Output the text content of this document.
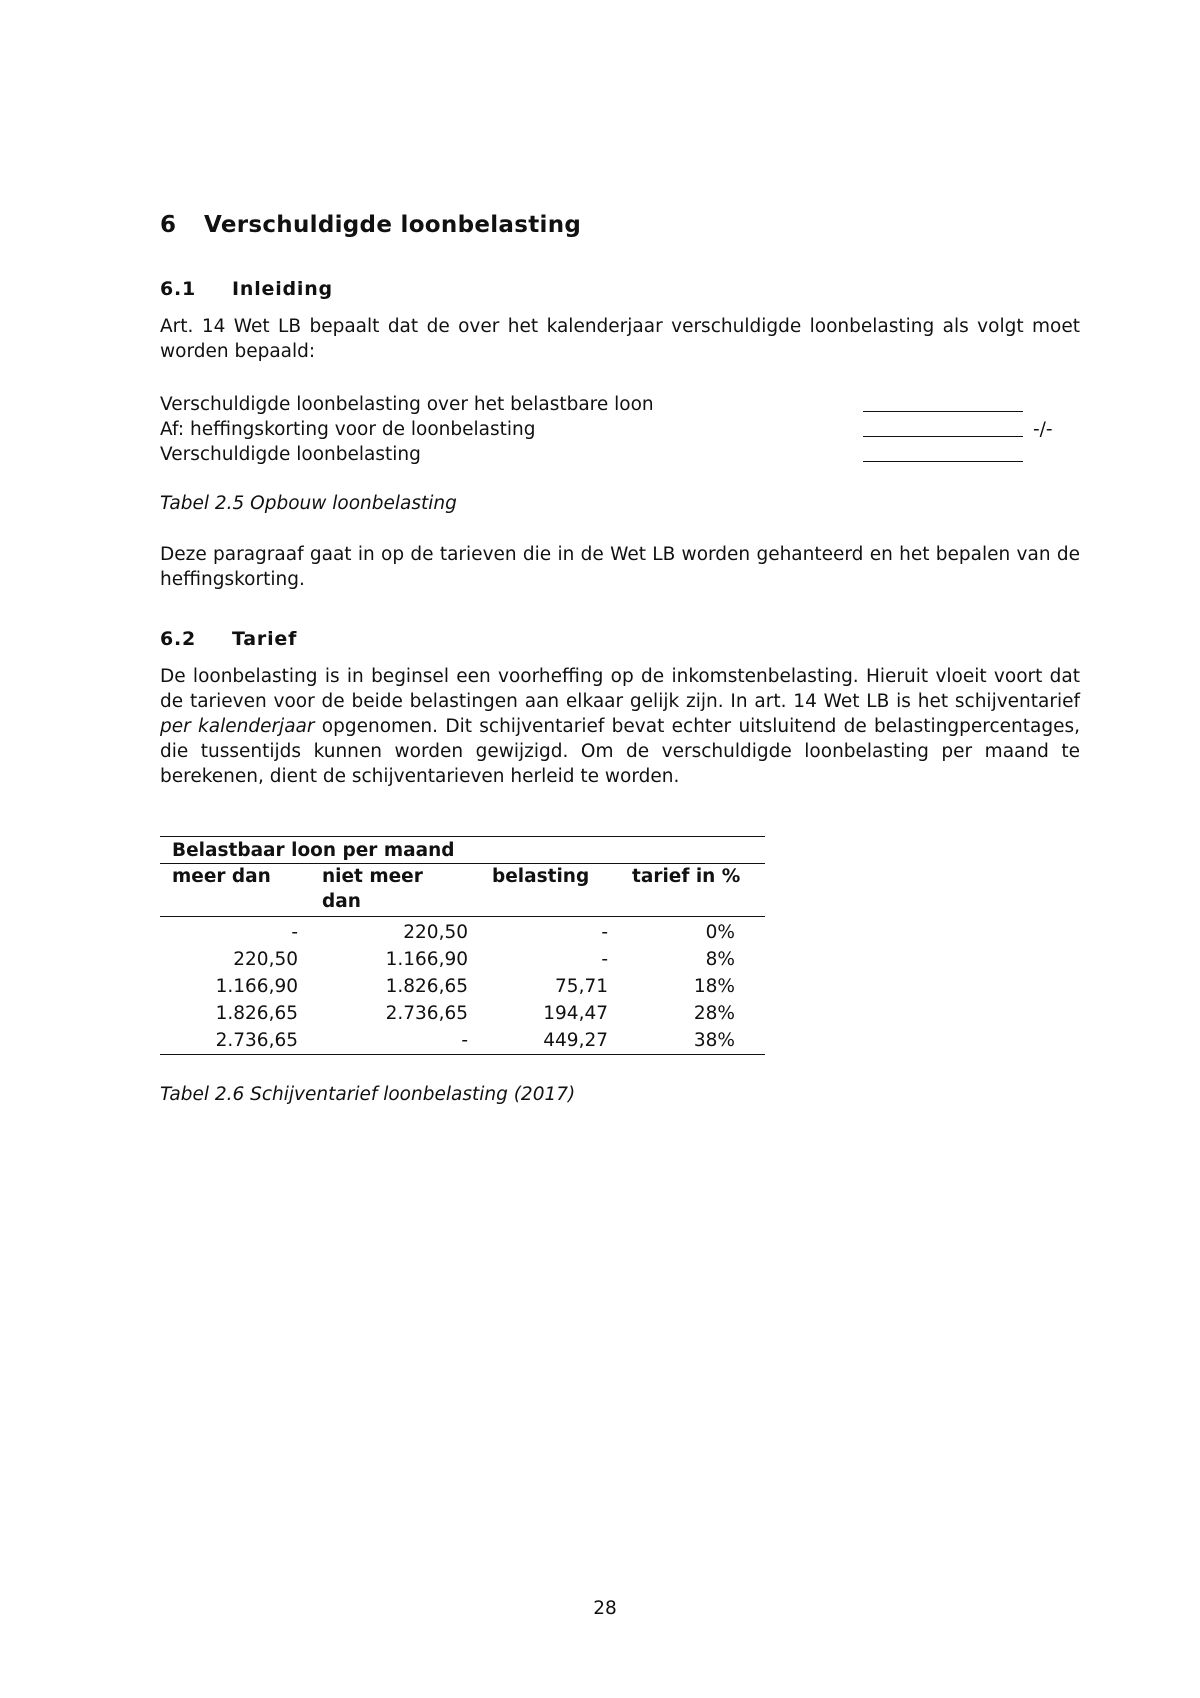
6 Verschuldigde loonbelasting
6.1 Inleiding

Art. 14 Wet LB bepaalt dat de over het kalenderjaar verschuldigde loonbelasting als volgt moet worden bepaald:

Verschuldigde loonbelasting over het belastbare loon
Af: heffingskorting voor de loonbelasting	-/-
Verschuldigde loonbelasting
Tabel 2.5 Opbouw loonbelasting

Deze paragraaf gaat in op de tarieven die in de Wet LB worden gehanteerd en het bepalen van de heffingskorting.

6.2 Tarief

De loonbelasting is in beginsel een voorheffing op de inkomstenbelasting. Hieruit vloeit voort dat de tarieven voor de beide belastingen aan elkaar gelijk zijn. In art. 14 Wet LB is het schijventarief per kalenderjaar opgenomen. Dit schijventarief bevat echter uitsluitend de belastingpercentages, die tussentijds kunnen worden gewijzigd. Om de verschuldigde loonbelasting per maand te berekenen, dient de schijventarieven herleid te worden.

Belastbaar loon per maand			
meer dan	niet meer dan	belasting	tarief in %
-	220,50	-	0%
220,50	1.166,90	-	8%
1.166,90	1.826,65	75,71	18%
1.826,65	2.736,65	194,47	28%
2.736,65	-	449,27	38%
Tabel 2.6 Schijventarief loonbelasting (2017)
28
